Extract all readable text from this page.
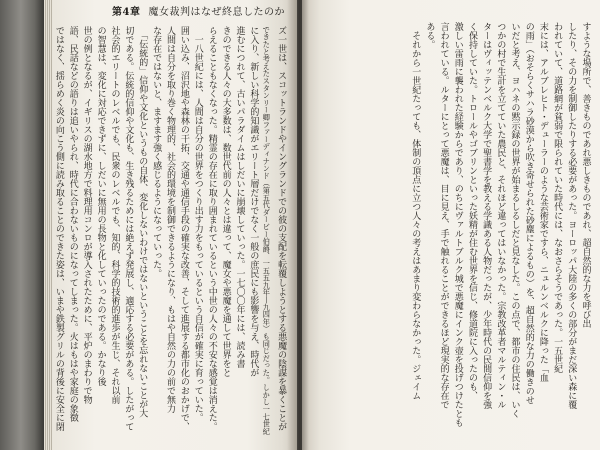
第4章 魔女裁判はなぜ終息したのか
すような場所で、善きものであれ悪しきものであれ、超自然的な力を呼び出
したり、その力を制御したりする必要があった。ヨーロッパ大陸の多くの部分がまだ深い森に覆
われていて、道路網が貧弱で限られていた時代には、なおさらそうであった。一五世紀
末には、アルブレヒト・デューラーのような芸術家ですら、ニュルンベルクに降った「血
の雨」（おそらくサハラ砂漠から吹き寄せられた砂塵によるもの）を、超自然的な力の働きのせ
いだと考え、ヨハネの黙示録の世界が始まるしるしだと見なした。この点で、都市の住民は、いく
つかの村で生計を立てていた農民と、それほど違ってはいなかった。宗教改革者マルティン・ル
ターはヴィッテンベルク大学で聖書学を教える学識ある人物だったが、少年時代の民間信仰を強
く保持していた。トロールやゴブリンといった妖精が住む世界を信じ、修道院に入ったのも、
激しい雷雨に襲われた経験からであり、のちにヴァルトブルク城で悪魔にインク壺を投げつけたとも
言われている。ルターにとって悪魔は、目に見え、手で触れることができるほど現実的な存在で
ある。
　それから一世紀たっても、体制の頂点に立つ人々の考えはあまり変わらなかった。ジェイム
ズ一世は、スコットランドやイングランドでの彼の支配を転覆しようとする悪魔の陰謀を暴くことが
できたと考えたスタンリー卿ファーディナンド（第五代ダービー伯爵、一五五九年―九四年）も同じだった。しかし一七世紀
に入り、新しい科学的知識がエリート層だけでなく一般の庶民にも影響を与え、時代が
進むにつれて、古いパラダイムはしだいに崩壊していった。一七〇〇年には、読み書
きのできる人々の大多数は、数世代前の人々とは違って、魔女や悪魔を通して世界をと
らえることもなくなった。精霊の存在に取り囲まれているという中世の人々の不安な感覚は消えた。
　一八世紀には、人間は自分の世界をつくり出す力をもっているという自信が確実に育っていた。
囲い込み、沼沢地や森林の干拓、交通や通信手段の確実な改善、そして進展する都市化のおかげで、
人間は自分を取り巻く物理的、社会的環境を制御できるようになり、もはや自然の力の前で無力
な存在ではないと、ますます強く感じるようになっていった。
　「伝統的」信仰や文化というもの自体、変化しないわけではないということを忘れないことが大
切である。伝統的信仰や文化も、生き残るためには絶えず発展し、適応する必要がある。したがって
社会的エリートのレベルでも、民衆のレベルでも、知的、科学的技術的進歩が生じ、それ以前
の智慧は、変化に対応できずに、しだいに無用の長物と化していったのである。かなり後
世の例となるが、イギリスの湖水地方で料理用コンロが導入されたために、平炉のまわりで物
語、民話などの語りは追いやられ、時代に合わないものになってしまった。火はもはや家庭の象徴
ではなく、揺らめく炎の向こう側に読み取ることのできた姿は、いまや鉄製グリルの背後に安全に閉
